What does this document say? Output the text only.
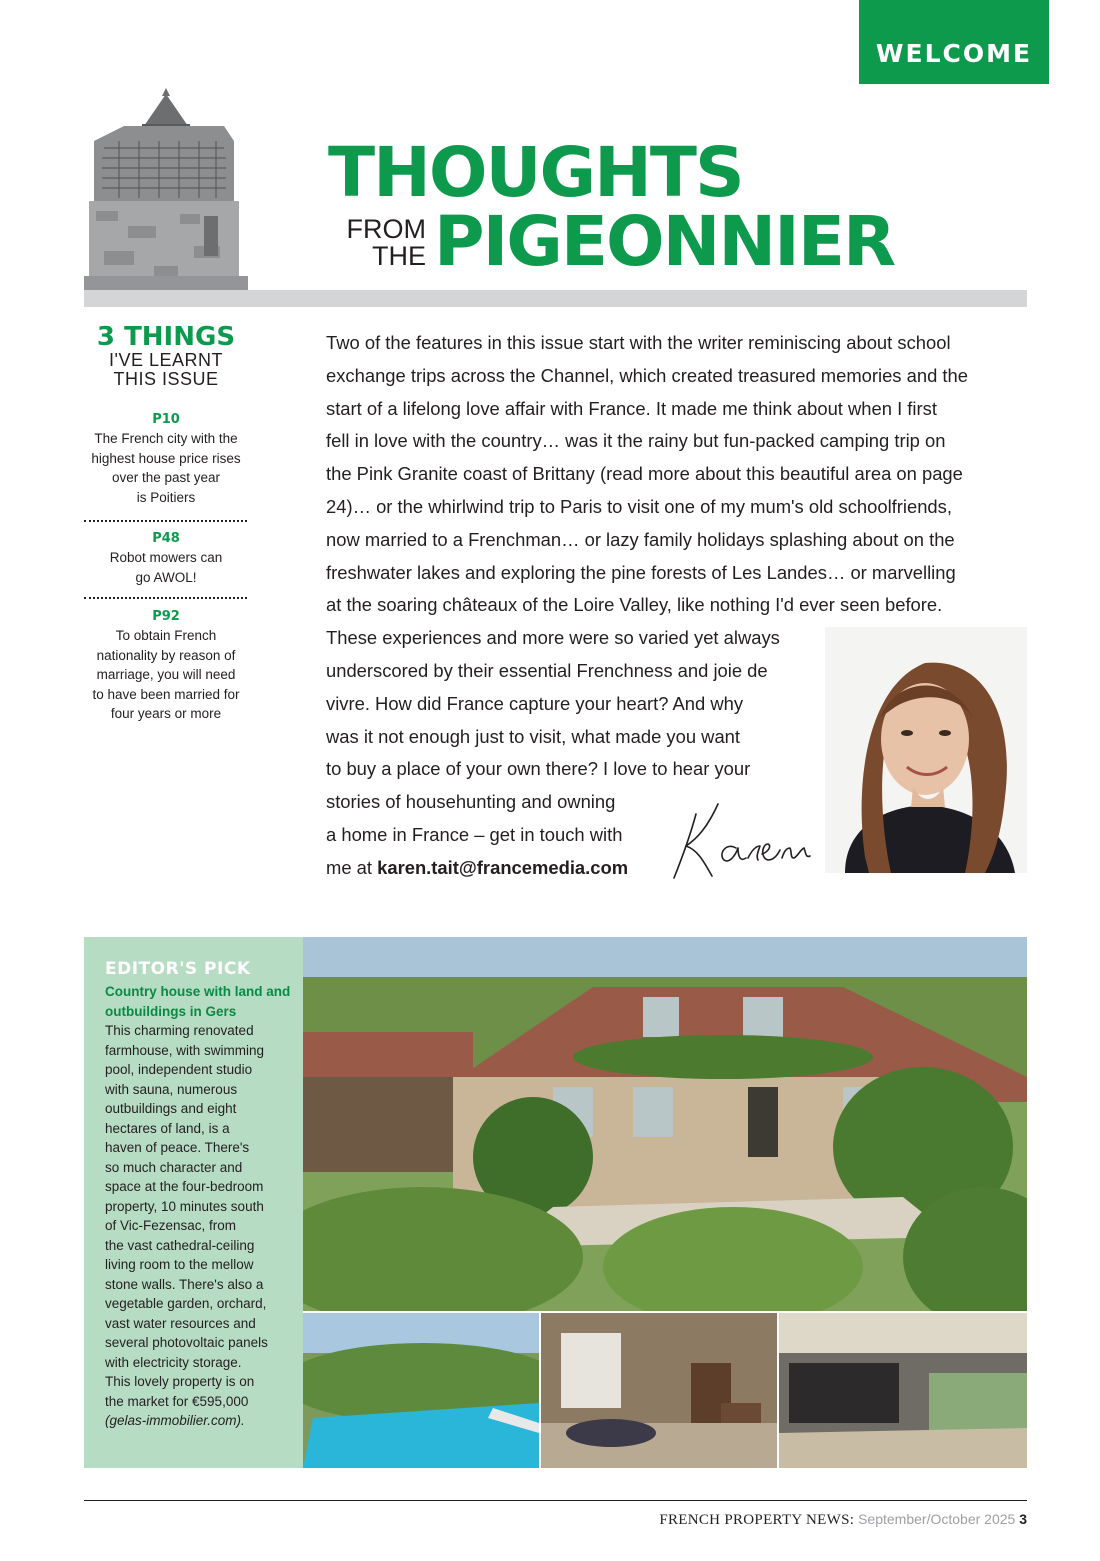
WELCOME
THOUGHTS
FROM
THE PIGEONNIER
3 THINGS
I'VE LEARNT
THIS ISSUE
P10
The French city with the
highest house price rises
over the past year
is Poitiers
P48
Robot mowers can
go AWOL!
P92
To obtain French
nationality by reason of
marriage, you will need
to have been married for
four years or more
Two of the features in this issue start with the writer reminiscing about school
exchange trips across the Channel, which created treasured memories and the
start of a lifelong love affair with France. It made me think about when I first
fell in love with the country… was it the rainy but fun-packed camping trip on
the Pink Granite coast of Brittany (read more about this beautiful area on page
24)… or the whirlwind trip to Paris to visit one of my mum's old schoolfriends,
now married to a Frenchman… or lazy family holidays splashing about on the
freshwater lakes and exploring the pine forests of Les Landes… or marvelling
at the soaring châteaux of the Loire Valley, like nothing I'd ever seen before.
These experiences and more were so varied yet always
underscored by their essential Frenchness and joie de
vivre. How did France capture your heart? And why
was it not enough just to visit, what made you want
to buy a place of your own there? I love to hear your
stories of househunting and owning
a home in France – get in touch with
me at karen.tait@francemedia.com
EDITOR'S PICK
Country house with land and outbuildings in Gers
This charming renovated
farmhouse, with swimming
pool, independent studio
with sauna, numerous
outbuildings and eight
hectares of land, is a
haven of peace. There's
so much character and
space at the four-bedroom
property, 10 minutes south
of Vic-Fezensac, from
the vast cathedral-ceiling
living room to the mellow
stone walls. There's also a
vegetable garden, orchard,
vast water resources and
several photovoltaic panels
with electricity storage.
This lovely property is on
the market for €595,000
(gelas-immobilier.com).
FRENCH PROPERTY NEWS: September/October 2025 3
